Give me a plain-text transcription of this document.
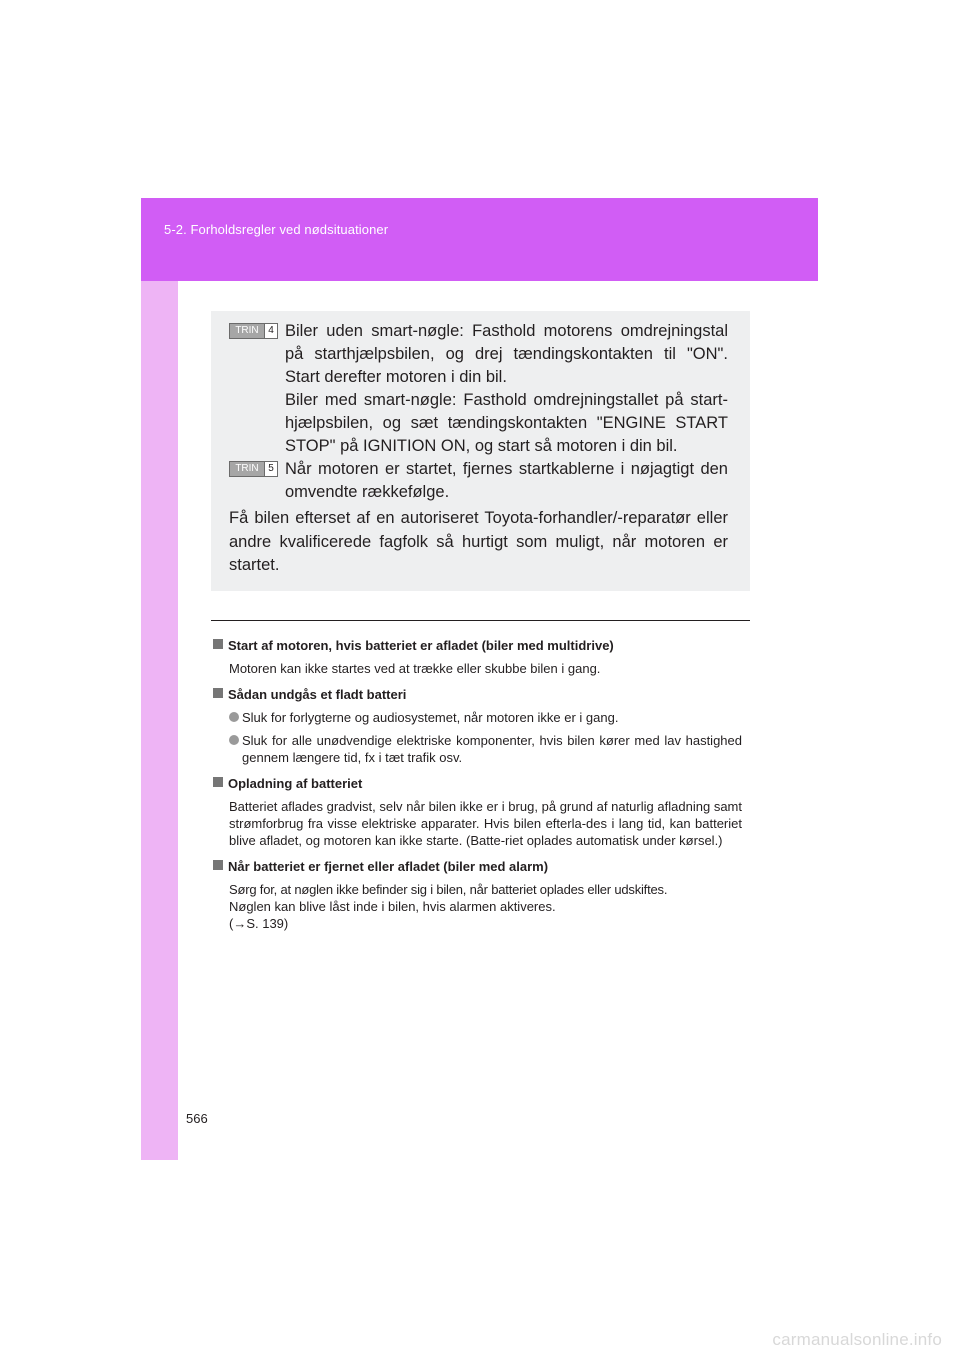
5-2. Forholdsregler ved nødsituationer
TRIN 4 Biler uden smart-nøgle: Fasthold motorens omdrejningstal på starthjælpsbilen, og drej tændingskontakten til "ON". Start derefter motoren i din bil.

Biler med smart-nøgle: Fasthold omdrejningstallet på start-hjælpsbilen, og sæt tændingskontakten "ENGINE START STOP" på IGNITION ON, og start så motoren i din bil.

TRIN 5 Når motoren er startet, fjernes startkablerne i nøjagtigt den omvendte rækkefølge.

Få bilen efterset af en autoriseret Toyota-forhandler/-reparatør eller andre kvalificerede fagfolk så hurtigt som muligt, når motoren er startet.
Start af motoren, hvis batteriet er afladet (biler med multidrive)
Motoren kan ikke startes ved at trække eller skubbe bilen i gang.
Sådan undgås et fladt batteri
Sluk for forlygterne og audiosystemet, når motoren ikke er i gang.
Sluk for alle unødvendige elektriske komponenter, hvis bilen kører med lav hastighed gennem længere tid, fx i tæt trafik osv.
Opladning af batteriet
Batteriet aflades gradvist, selv når bilen ikke er i brug, på grund af naturlig afladning samt strømforbrug fra visse elektriske apparater. Hvis bilen efterla-des i lang tid, kan batteriet blive afladet, og motoren kan ikke starte. (Batte-riet oplades automatisk under kørsel.)
Når batteriet er fjernet eller afladet (biler med alarm)
Sørg for, at nøglen ikke befinder sig i bilen, når batteriet oplades eller udskiftes.
Nøglen kan blive låst inde i bilen, hvis alarmen aktiveres.
(→S. 139)
566
carmanualsonline.info
